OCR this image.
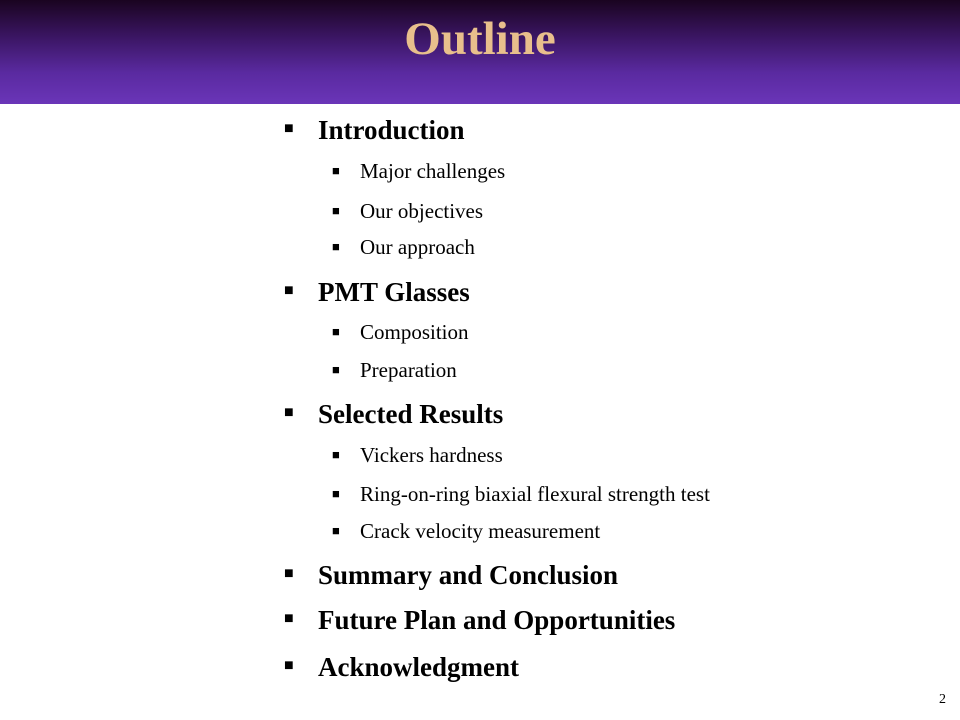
Outline
■ Introduction
■ Major challenges
■ Our objectives
■ Our approach
■ PMT Glasses
■ Composition
■ Preparation
■ Selected Results
■ Vickers hardness
■ Ring-on-ring biaxial flexural strength test
■ Crack velocity measurement
■ Summary and Conclusion
■ Future Plan and Opportunities
■ Acknowledgment
2
